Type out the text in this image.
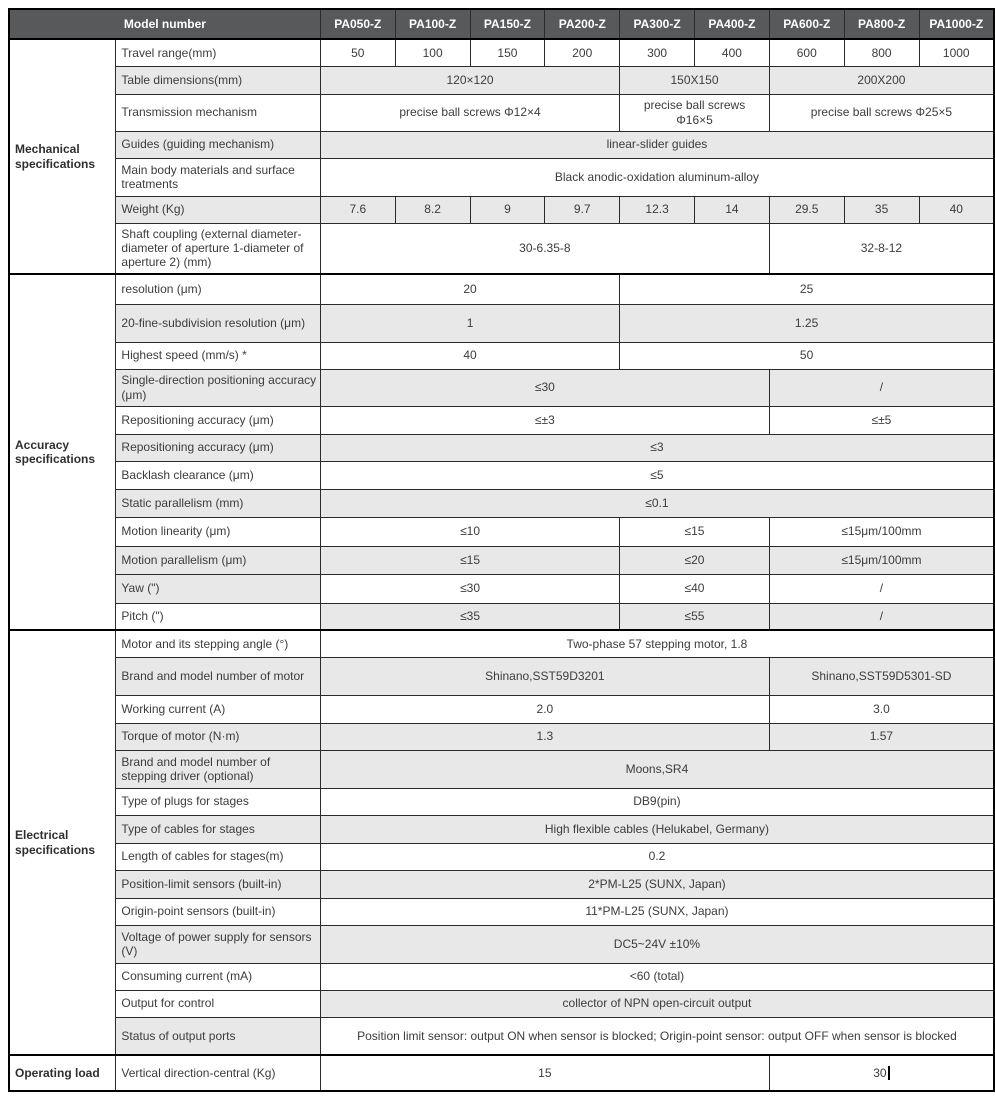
Model number		PA050-Z	PA100-Z	PA150-Z	PA200-Z	PA300-Z	PA400-Z	PA600-Z	PA800-Z	PA1000-Z
Mechanical specifications	Travel range(mm)	50	100	150	200	300	400	600	800	1000
	Table dimensions(mm)	120×120				150X150		200X200		
	Transmission mechanism	precise ball screws Φ12×4				precise ball screws Φ16×5		precise ball screws Φ25×5		
	Guides (guiding mechanism)	linear-slider guides								
	Main body materials and surface treatments	Black anodic-oxidation aluminum-alloy								
	Weight (Kg)	7.6	8.2	9	9.7	12.3	14	29.5	35	40
	Shaft coupling (external diameter-diameter of aperture 1-diameter of aperture 2) (mm)	30-6.35-8						32-8-12		
Accuracy specifications	resolution (μm)	20				25				
	20-fine-subdivision resolution (μm)	1				1.25				
	Highest speed (mm/s) *	40				50				
	Single-direction positioning accuracy (μm)	≤30						/		
	Repositioning accuracy (μm)	≤±3						≤±5		
	Repositioning accuracy (μm)	≤3								
	Backlash clearance (μm)	≤5								
	Static parallelism (mm)	≤0.1								
	Motion linearity (μm)	≤10				≤15		≤15μm/100mm		
	Motion parallelism (μm)	≤15				≤20		≤15μm/100mm		
	Yaw (")	≤30				≤40		/		
	Pitch (")	≤35				≤55		/		
Electrical specifications	Motor and its stepping angle (°)	Two-phase 57 stepping motor, 1.8								
	Brand and model number of motor	Shinano,SST59D3201						Shinano,SST59D5301-SD		
	Working current (A)	2.0						3.0		
	Torque of motor (N·m)	1.3						1.57		
	Brand and model number of stepping driver (optional)	Moons,SR4								
	Type of plugs for stages	DB9(pin)								
	Type of cables for stages	High flexible cables (Helukabel, Germany)								
	Length of cables for stages(m)	0.2								
	Position-limit sensors (built-in)	2*PM-L25 (SUNX, Japan)								
	Origin-point sensors (built-in)	11*PM-L25 (SUNX, Japan)								
	Voltage of power supply for sensors (V)	DC5~24V ±10%								
	Consuming current (mA)	<60 (total)								
	Output for control	collector of NPN open-circuit output								
	Status of output ports	Position limit sensor: output ON when sensor is blocked; Origin-point sensor: output OFF when sensor is blocked								
Operating load	Vertical direction-central (Kg)	15						30		
